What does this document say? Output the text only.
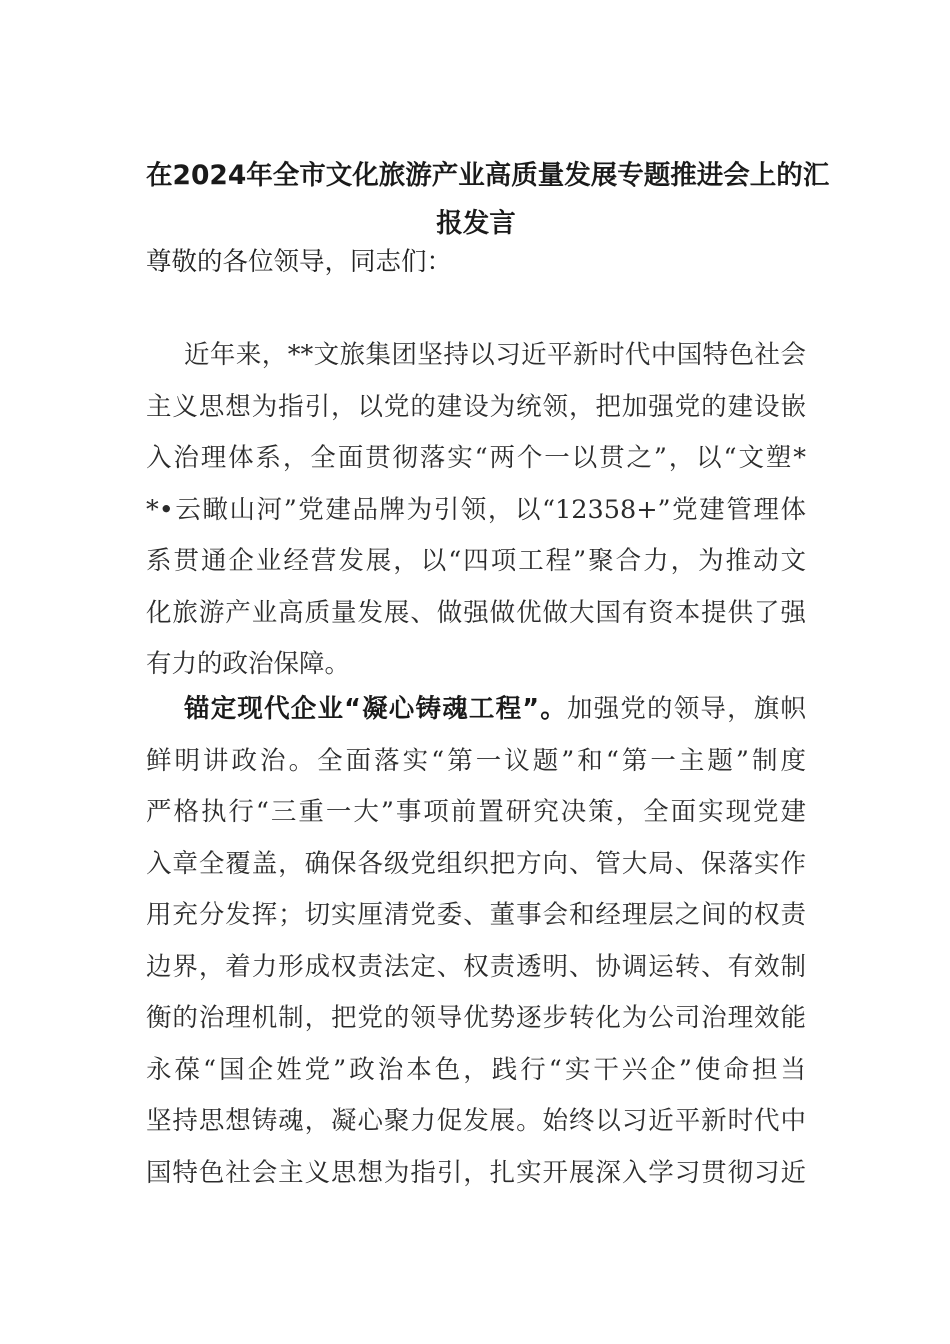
在2024年全市文化旅游产业高质量发展专题推进会上的汇
报发言

尊敬的各位领导，同志们：

近年来，**文旅集团坚持以习近平新时代中国特色社会
主义思想为指引，以党的建设为统领，把加强党的建设嵌
入治理体系，全面贯彻落实“两个一以贯之”，以“文塑*
*•云瞰山河”党建品牌为引领，以“12358+”党建管理体
系贯通企业经营发展，以“四项工程”聚合力，为推动文
化旅游产业高质量发展、做强做优做大国有资本提供了强
有力的政治保障。
锚定现代企业“凝心铸魂工程”。加强党的领导，旗帜
鲜明讲政治。全面落实“第一议题”和“第一主题”制度
严格执行“三重一大”事项前置研究决策，全面实现党建
入章全覆盖，确保各级党组织把方向、管大局、保落实作
用充分发挥；切实厘清党委、董事会和经理层之间的权责
边界，着力形成权责法定、权责透明、协调运转、有效制
衡的治理机制，把党的领导优势逐步转化为公司治理效能
永葆“国企姓党”政治本色，践行“实干兴企”使命担当
坚持思想铸魂，凝心聚力促发展。始终以习近平新时代中
国特色社会主义思想为指引，扎实开展深入学习贯彻习近
